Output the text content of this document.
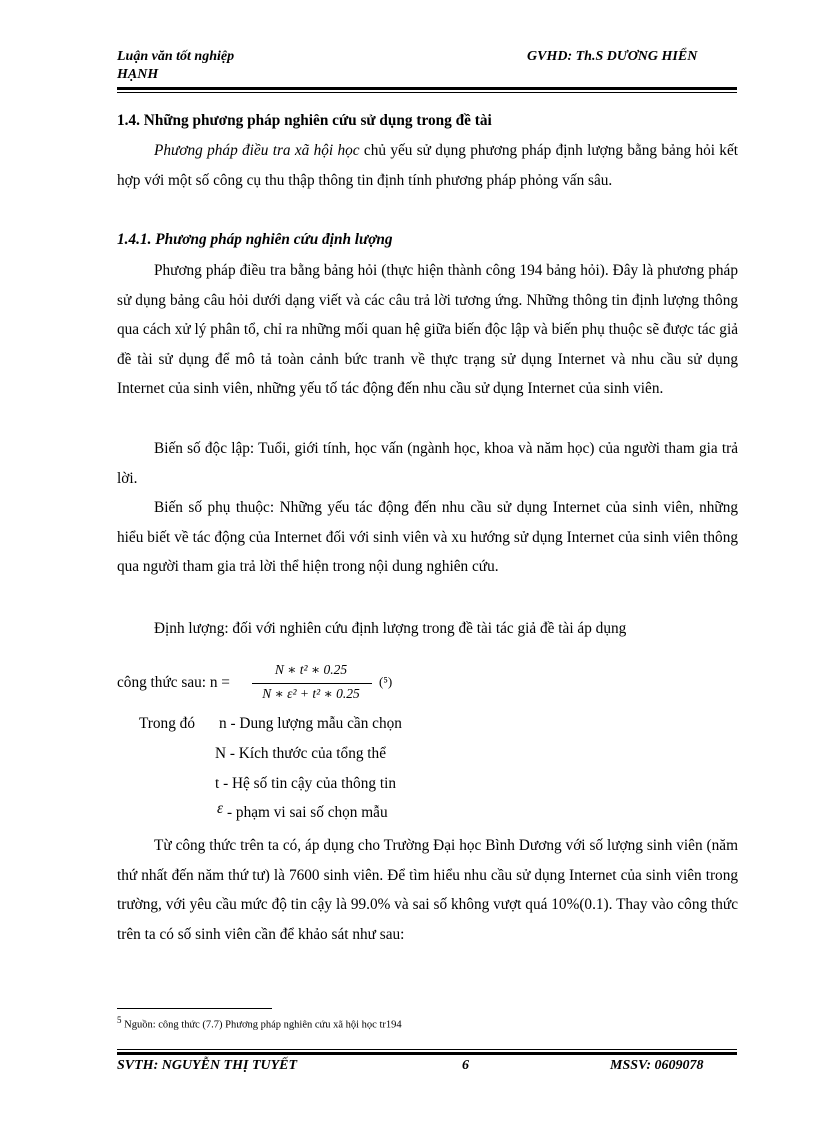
Luận văn tốt nghiệp
HẠNH
GVHD: Th.S DƯƠNG HIỂN
1.4. Những phương pháp nghiên cứu sử dụng trong đề tài

Phương pháp điều tra xã hội học chủ yếu sử dụng phương pháp định lượng bằng bảng hỏi kết hợp với một số công cụ thu thập thông tin định tính phương pháp phỏng vấn sâu.

1.4.1. Phương pháp nghiên cứu định lượng

Phương pháp điều tra bằng bảng hỏi (thực hiện thành công 194 bảng hỏi). Đây là phương pháp sử dụng bảng câu hỏi dưới dạng viết và các câu trả lời tương ứng. Những thông tin định lượng thông qua cách xử lý phân tổ, chỉ ra những mối quan hệ giữa biến độc lập và biến phụ thuộc sẽ được tác giả đề tài sử dụng để mô tả toàn cảnh bức tranh về thực trạng sử dụng Internet và nhu cầu sử dụng Internet của sinh viên, những yếu tố tác động đến nhu cầu sử dụng Internet của sinh viên.

Biến số độc lập: Tuổi, giới tính, học vấn (ngành học, khoa và năm học) của người tham gia trả lời.

Biến số phụ thuộc: Những yếu tác động đến nhu cầu sử dụng Internet của sinh viên, những hiểu biết về tác động của Internet đối với sinh viên và xu hướng sử dụng Internet của sinh viên thông qua người tham gia trả lời thể hiện trong nội dung nghiên cứu.

Định lượng: đối với nghiên cứu định lượng trong đề tài tác giả đề tài áp dụng

công thức sau: n =
N ∗ t² ∗ 0.25
N ∗ ε² + t² ∗ 0.25
(⁵)
Trong đó n - Dung lượng mẫu cần chọn
N - Kích thước của tổng thể
t - Hệ số tin cậy của thông tin
ε - phạm vi sai số chọn mẫu

Từ công thức trên ta có, áp dụng cho Trường Đại học Bình Dương với số lượng sinh viên (năm thứ nhất đến năm thứ tư) là 7600 sinh viên. Để tìm hiểu nhu cầu sử dụng Internet của sinh viên trong trường, với yêu cầu mức độ tin cậy là 99.0% và sai số không vượt quá 10%(0.1). Thay vào công thức trên ta có số sinh viên cần để khảo sát như sau:

$^5$ Nguồn: công thức (7.7) Phương pháp nghiên cứu xã hội học tr194
SVTH: NGUYỄN THỊ TUYẾT	6	MSSV: 0609078
